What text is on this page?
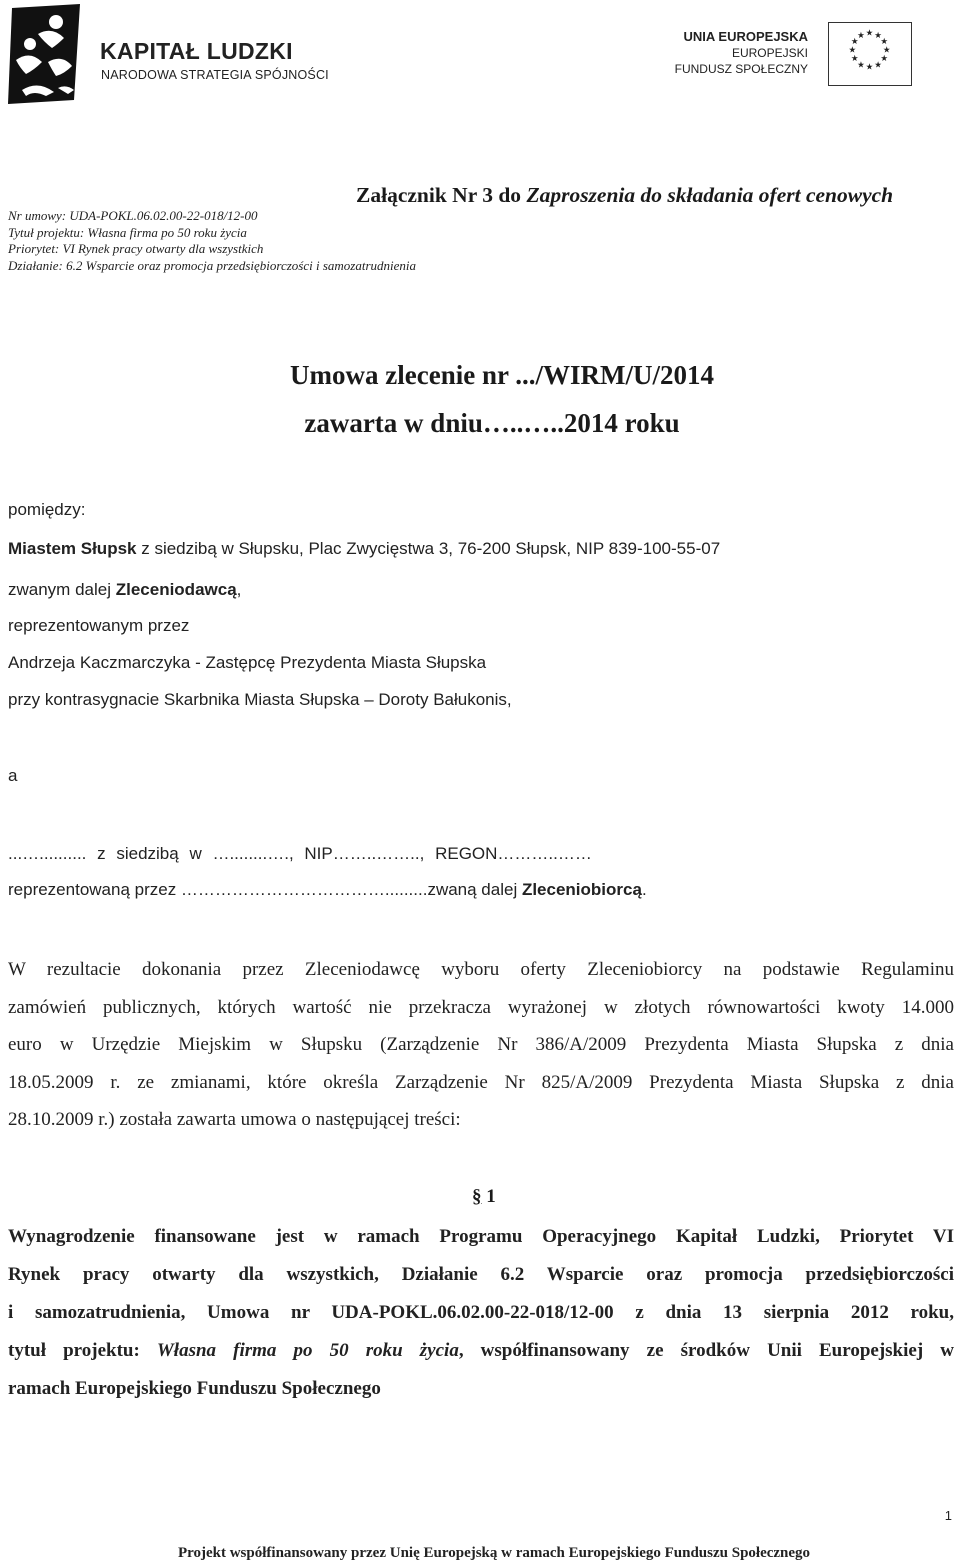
KAPITAŁ LUDZKI
NARODOWA STRATEGIA SPÓJNOŚCI
UNIA EUROPEJSKA
EUROPEJSKI
FUNDUSZ SPOŁECZNY
★ ★
★
★
★
★
★
★
★
★
★
★
Załącznik Nr 3 do Zaproszenia do składania ofert cenowych
Nr umowy: UDA-POKL.06.02.00-22-018/12-00
Tytuł projektu: Własna firma po 50 roku życia
Priorytet: VI Rynek pracy otwarty dla wszystkich
Działanie: 6.2 Wsparcie oraz promocja przedsiębiorczości i samozatrudnienia
Umowa zlecenie nr .../WIRM/U/2014
zawarta w dniu…..…..2014 roku
pomiędzy:
Miastem Słupsk z siedzibą w Słupsku, Plac Zwycięstwa 3, 76-200 Słupsk, NIP 839-100-55-07
zwanym dalej Zleceniodawcą,
reprezentowanym przez
Andrzeja Kaczmarczyka - Zastępcę Prezydenta Miasta Słupska
przy kontrasygnacie Skarbnika Miasta Słupska – Doroty Bałukonis,
a
...….......... z siedzibą w …........…., NIP……..…….., REGON………..……
reprezentowaną przez ……………………………….........zwaną dalej Zleceniobiorcą.
W rezultacie dokonania przez Zleceniodawcę wyboru oferty Zleceniobiorcy na podstawie Regulaminu
zamówień publicznych, których wartość nie przekracza wyrażonej w złotych równowartości kwoty 14.000
euro w Urzędzie Miejskim w Słupsku (Zarządzenie Nr 386/A/2009 Prezydenta Miasta Słupska z dnia
18.05.2009 r. ze zmianami, które określa Zarządzenie Nr 825/A/2009 Prezydenta Miasta Słupska z dnia
28.10.2009 r.) została zawarta umowa o następującej treści:
§ 1
Wynagrodzenie finansowane jest w ramach Programu Operacyjnego Kapitał Ludzki, Priorytet VI
Rynek pracy otwarty dla wszystkich, Działanie 6.2 Wsparcie oraz promocja przedsiębiorczości
i samozatrudnienia, Umowa nr UDA-POKL.06.02.00-22-018/12-00 z dnia 13 sierpnia 2012 roku,
tytuł projektu: Własna firma po 50 roku życia, współfinansowany ze środków Unii Europejskiej w
ramach Europejskiego Funduszu Społecznego
1
Projekt współfinansowany przez Unię Europejską w ramach Europejskiego Funduszu Społecznego
